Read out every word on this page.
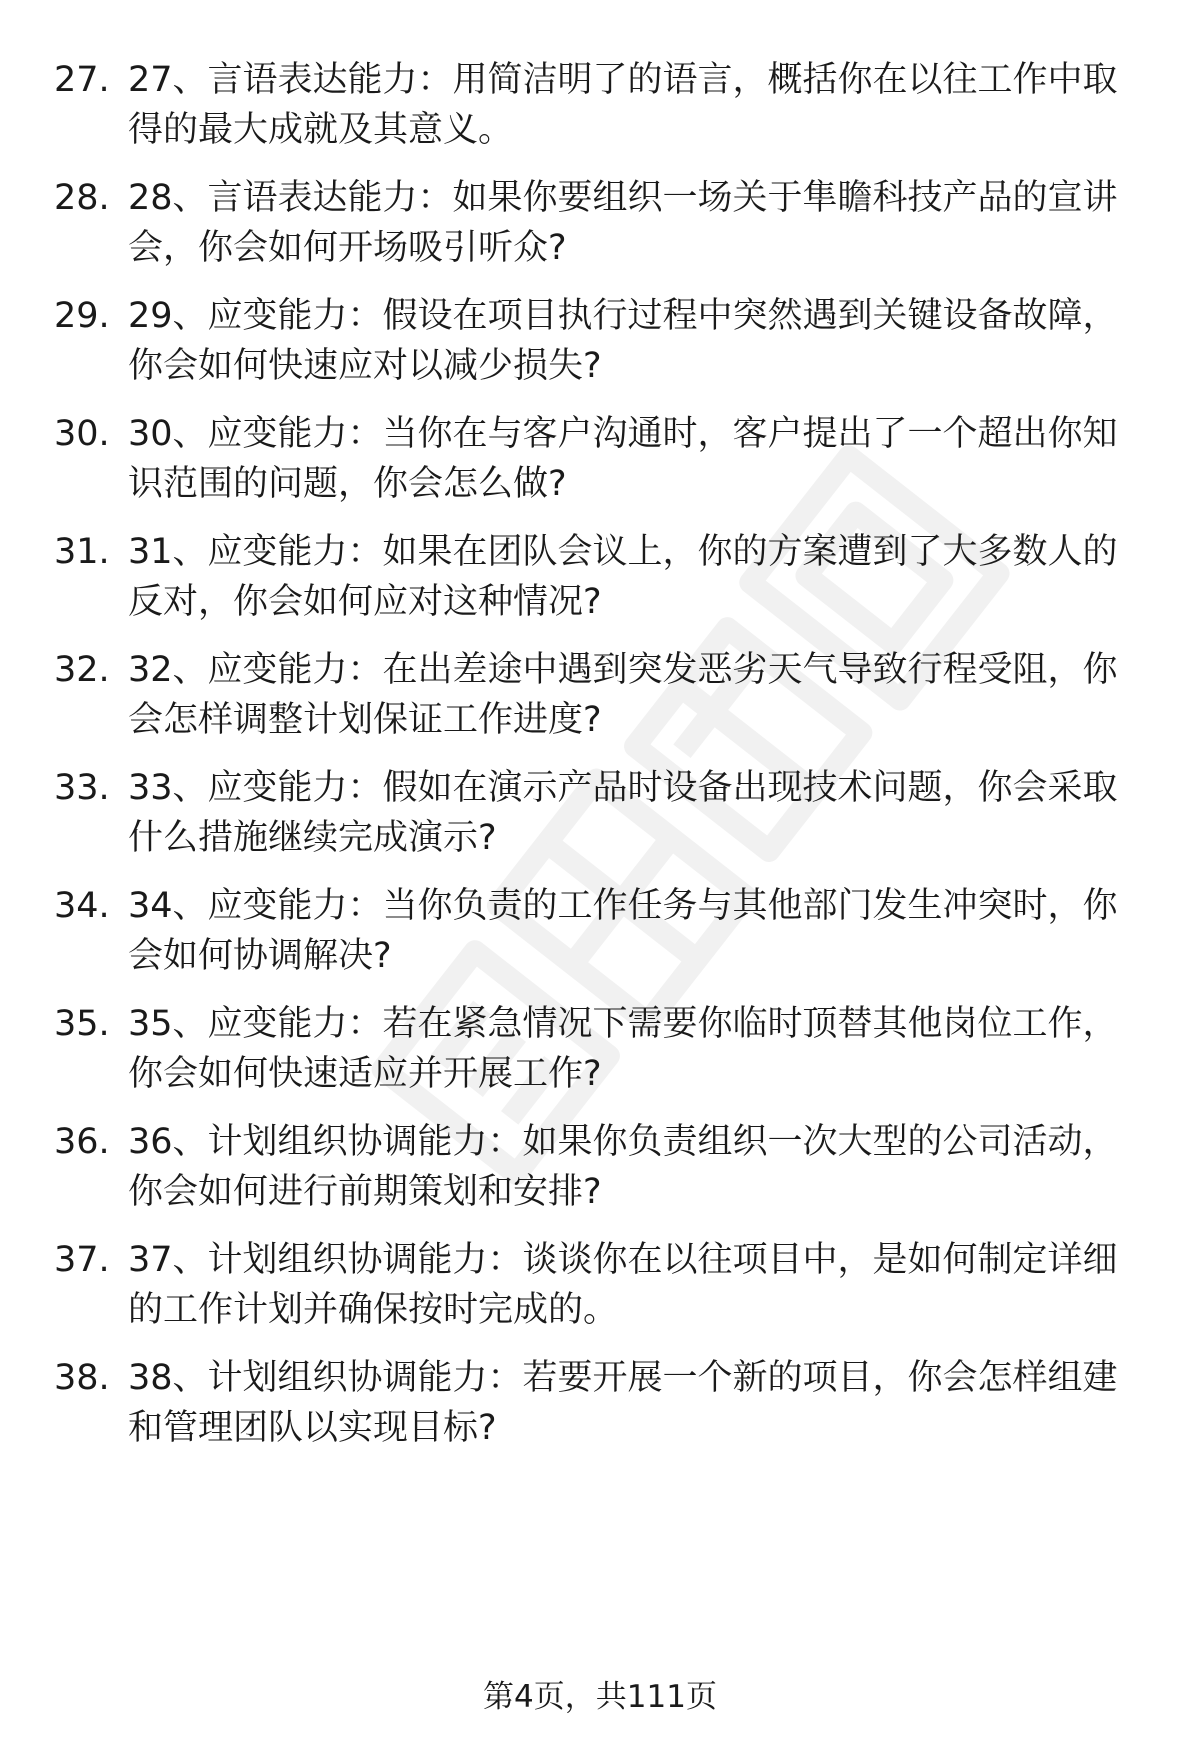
27. 27、言语表达能力：用简洁明了的语言，概括你在以往工作中取得的最大成就及其意义。
28. 28、言语表达能力：如果你要组织一场关于隼瞻科技产品的宣讲会，你会如何开场吸引听众?
29. 29、应变能力：假设在项目执行过程中突然遇到关键设备故障，你会如何快速应对以减少损失?
30. 30、应变能力：当你在与客户沟通时，客户提出了一个超出你知识范围的问题，你会怎么做?
31. 31、应变能力：如果在团队会议上，你的方案遭到了大多数人的反对，你会如何应对这种情况?
32. 32、应变能力：在出差途中遇到突发恶劣天气导致行程受阻，你会怎样调整计划保证工作进度?
33. 33、应变能力：假如在演示产品时设备出现技术问题，你会采取什么措施继续完成演示?
34. 34、应变能力：当你负责的工作任务与其他部门发生冲突时，你会如何协调解决?
35. 35、应变能力：若在紧急情况下需要你临时顶替其他岗位工作，你会如何快速适应并开展工作?
36. 36、计划组织协调能力：如果你负责组织一次大型的公司活动，你会如何进行前期策划和安排?
37. 37、计划组织协调能力：谈谈你在以往项目中，是如何制定详细的工作计划并确保按时完成的。
38. 38、计划组织协调能力：若要开展一个新的项目，你会怎样组建和管理团队以实现目标?
第4页，共111页
